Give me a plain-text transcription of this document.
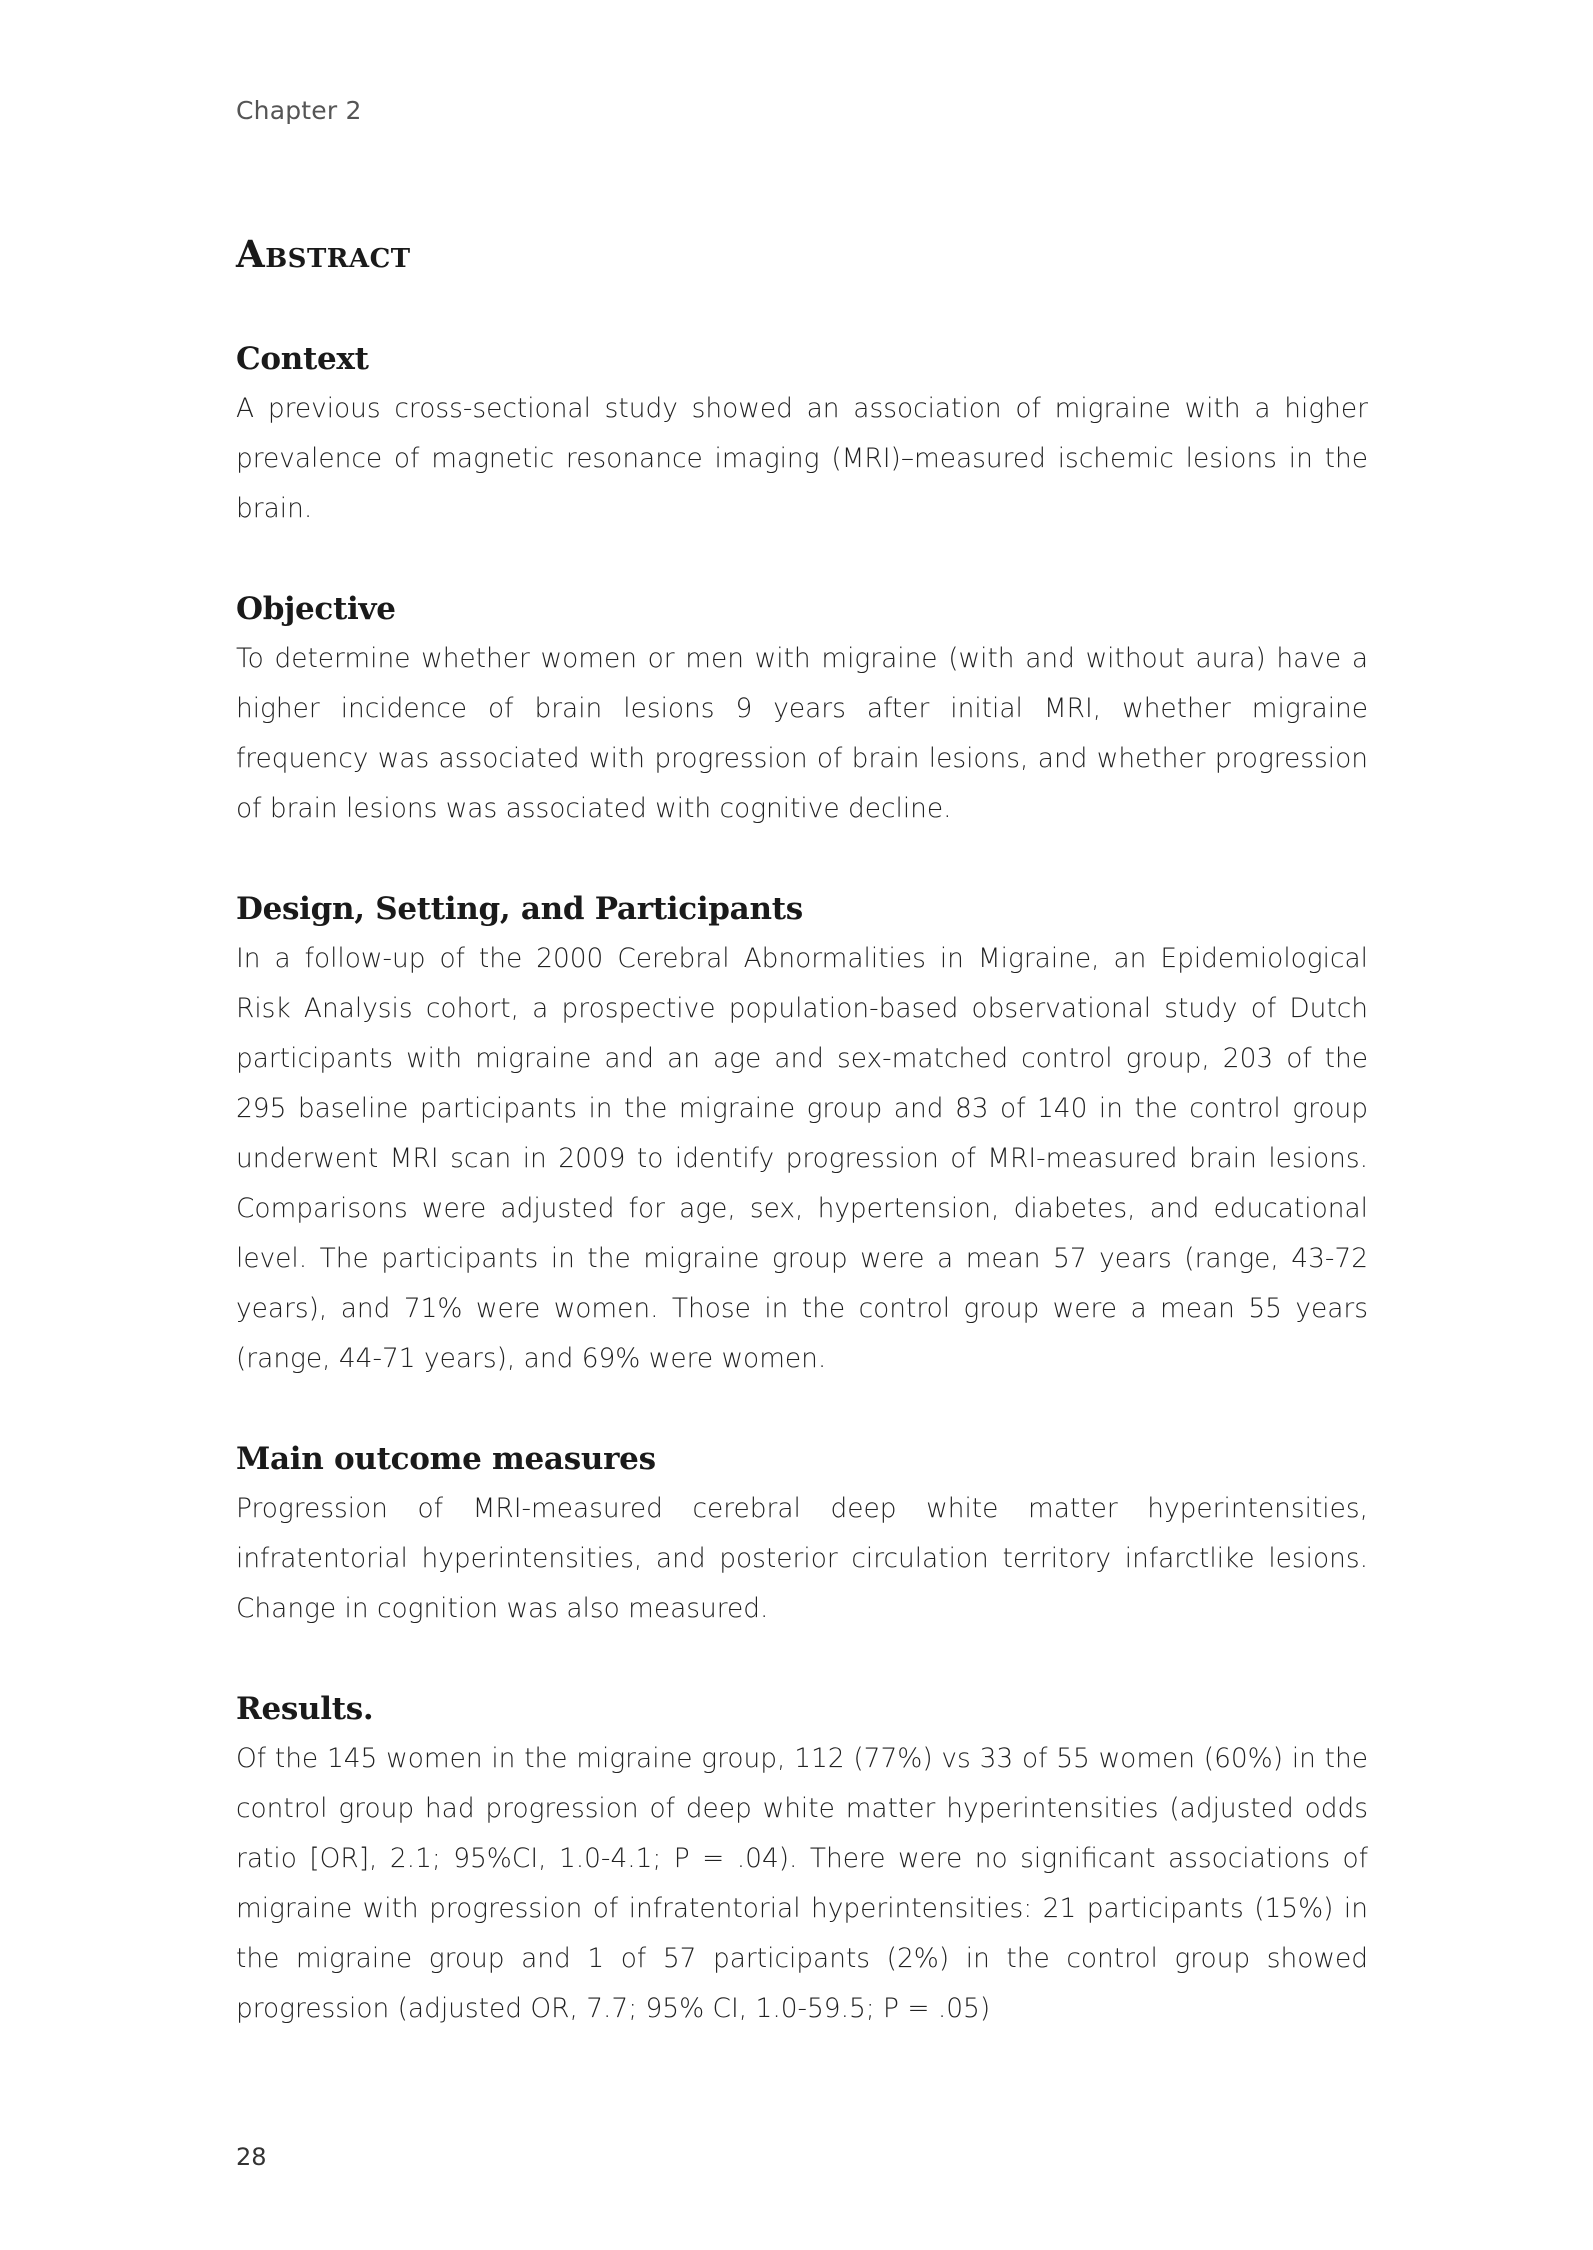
Chapter 2
Abstract
Context

A previous cross-sectional study showed an association of migraine with a higher prevalence of magnetic resonance imaging (MRI)–measured ischemic lesions in the brain.

Objective

To determine whether women or men with migraine (with and without aura) have a higher incidence of brain lesions 9 years after initial MRI, whether migraine frequency was associated with progression of brain lesions, and whether progression of brain lesions was associated with cognitive decline.

Design, Setting, and Participants

In a follow-up of the 2000 Cerebral Abnormalities in Migraine, an Epidemiological Risk Analysis cohort, a prospective population-based observational study of Dutch participants with migraine and an age and sex-matched control group, 203 of the 295 baseline participants in the migraine group and 83 of 140 in the control group underwent MRI scan in 2009 to identify progression of MRI-measured brain lesions. Comparisons were adjusted for age, sex, hypertension, diabetes, and educational level. The participants in the migraine group were a mean 57 years (range, 43-72 years), and 71% were women. Those in the control group were a mean 55 years (range, 44-71 years), and 69% were women.

Main outcome measures

Progression of MRI-measured cerebral deep white matter hyperintensities, infratentorial hyperintensities, and posterior circulation territory infarctlike lesions. Change in cognition was also measured.

Results.

Of the 145 women in the migraine group, 112 (77%) vs 33 of 55 women (60%) in the control group had progression of deep white matter hyperintensities (adjusted odds ratio [OR], 2.1; 95%CI, 1.0-4.1; P = .04). There were no significant associations of migraine with progression of infratentorial hyperintensities: 21 participants (15%) in the migraine group and 1 of 57 participants (2%) in the control group showed progression (adjusted OR, 7.7; 95% CI, 1.0-59.5; P = .05)

28
